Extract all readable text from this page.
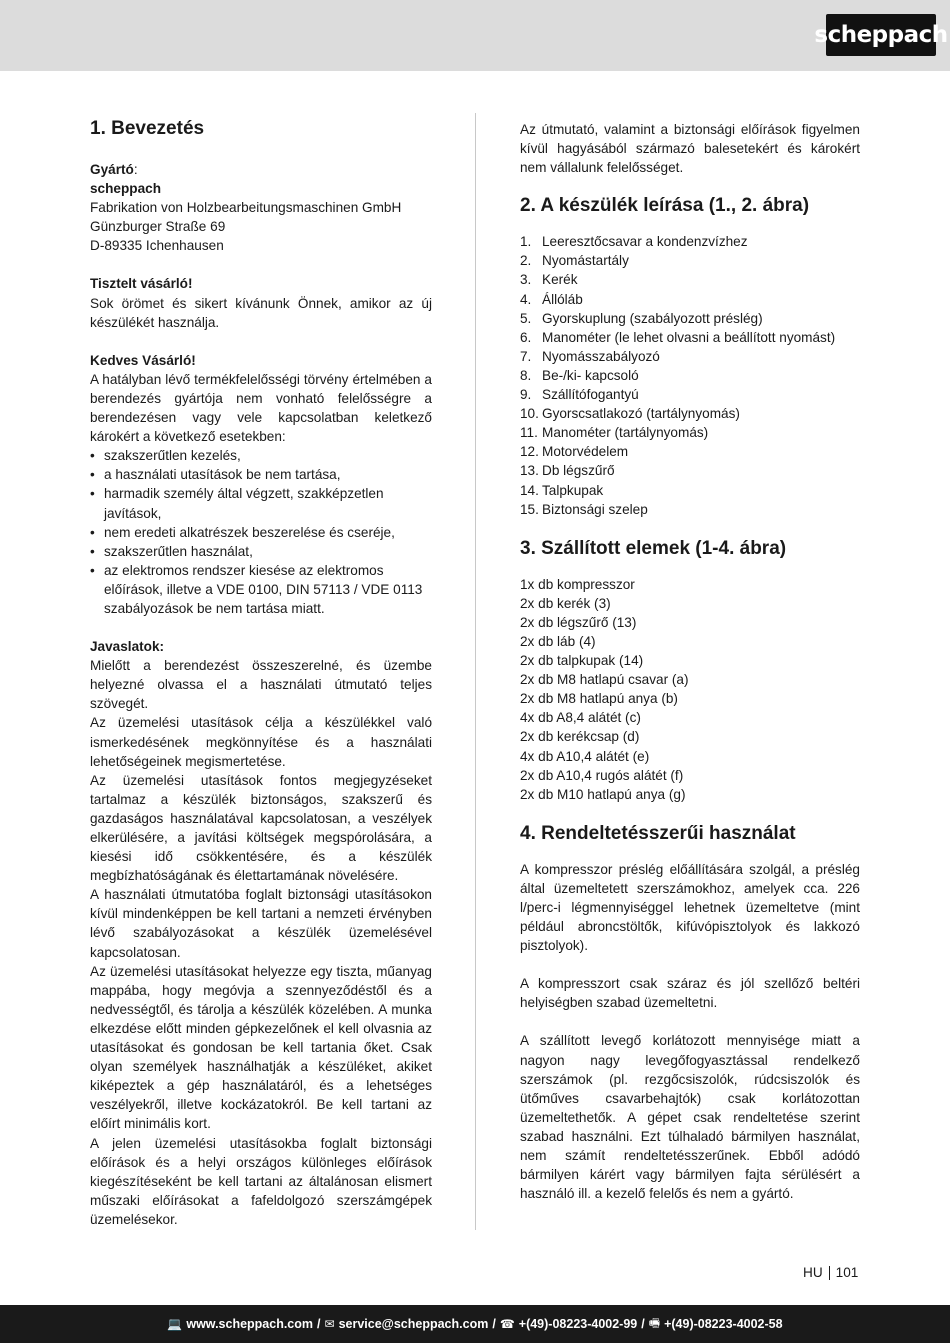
scheppach
1. Bevezetés
Gyártó:
scheppach
Fabrikation von Holzbearbeitungsmaschinen GmbH
Günzburger Straße 69
D-89335 Ichenhausen
Tisztelt vásárló!

Sok örömet és sikert kívánunk Önnek, amikor az új készülékét használja.

Kedves Vásárló!

A hatályban lévő termékfelelősségi törvény értelmében a berendezés gyártója nem vonható felelősségre a berendezésen vagy vele kapcsolatban keletkező károkért a következő esetekben:

• szakszerűtlen kezelés,
• a használati utasítások be nem tartása,
• harmadik személy által végzett, szakképzetlen javítások,
• nem eredeti alkatrészek beszerelése és cseréje,
• szakszerűtlen használat,
• az elektromos rendszer kiesése az elektromos előírások, illetve a VDE 0100, DIN 57113 / VDE 0113 szabályozások be nem tartása miatt.
Javaslatok:

Mielőtt a berendezést összeszerelné, és üzembe helyezné olvassa el a használati útmutató teljes szövegét.

Az üzemelési utasítások célja a készülékkel való ismerkedésének megkönnyítése és a használati lehetőségeinek megismertetése.

Az üzemelési utasítások fontos megjegyzéseket tartalmaz a készülék biztonságos, szakszerű és gazdaságos használatával kapcsolatosan, a veszélyek elkerülésére, a javítási költségek megspórolására, a kiesési idő csökkentésére, és a készülék megbízhatóságának és élettartamának növelésére.

A használati útmutatóba foglalt biztonsági utasításokon kívül mindenképpen be kell tartani a nemzeti érvényben lévő szabályozásokat a készülék üzemelésével kapcsolatosan.

Az üzemelési utasításokat helyezze egy tiszta, műanyag mappába, hogy megóvja a szennyeződéstől és a nedvességtől, és tárolja a készülék közelében. A munka elkezdése előtt minden gépkezelőnek el kell olvasnia az utasításokat és gondosan be kell tartania őket. Csak olyan személyek használhatják a készüléket, akiket kiképeztek a gép használatáról, és a lehetséges veszélyekről, illetve kockázatokról. Be kell tartani az előírt minimális kort.

A jelen üzemelési utasításokba foglalt biztonsági előírások és a helyi országos különleges előírások kiegészítéseként be kell tartani az általánosan elismert műszaki előírásokat a fafeldolgozó szerszámgépek üzemelésekor.

Az útmutató, valamint a biztonsági előírások figyelmen kívül hagyásából származó balesetekért és károkért nem vállalunk felelősséget.

2. A készülék leírása (1., 2. ábra)
1. Leeresztőcsavar a kondenzvízhez
2. Nyomástartály
3. Kerék
4. Állóláb
5. Gyorskuplung (szabályozott préslég)
6. Manométer (le lehet olvasni a beállított nyomást)
7. Nyomásszabályozó
8. Be-/ki- kapcsoló
9. Szállítófogantyú
10. Gyorscsatlakozó (tartálynyomás)
11. Manométer (tartálynyomás)
12. Motorvédelem
13. Db légszűrő
14. Talpkupak
15. Biztonsági szelep
3. Szállított elemek (1-4. ábra)
1x db kompresszor
2x db kerék (3)
2x db légszűrő (13)
2x db láb (4)
2x db talpkupak (14)
2x db M8 hatlapú csavar (a)
2x db M8 hatlapú anya (b)
4x db A8,4 alátét (c)
2x db kerékcsap (d)
4x db A10,4 alátét (e)
2x db A10,4 rugós alátét (f)
2x db M10 hatlapú anya (g)
4. Rendeltetésszerűi használat

A kompresszor préslég előállítására szolgál, a préslég által üzemeltetett szerszámokhoz, amelyek cca. 226 l/perc-i légmennyiséggel lehetnek üzemeltetve (mint például abroncstöltők, kifúvópisztolyok és lakkozó pisztolyok).

A kompresszort csak száraz és jól szellőző beltéri helyiségben szabad üzemeltetni.

A szállított levegő korlátozott mennyisége miatt a nagyon nagy levegőfogyasztással rendelkező szerszámok (pl. rezgőcsiszolók, rúdcsiszolók és ütőműves csavarbehajtók) csak korlátozottan üzemeltethetők. A gépet csak rendeltetése szerint szabad használni. Ezt túlhaladó bármilyen használat, nem számít rendeltetésszerűnek. Ebből adódó bármilyen kárért vagy bármilyen fajta sérülésért a használó ill. a kezelő felelős és nem a gyártó.

HU 101
💻 www.scheppach.com / ✉ service@scheppach.com / ☎ +(49)-08223-4002-99 / 🖷 +(49)-08223-4002-58
